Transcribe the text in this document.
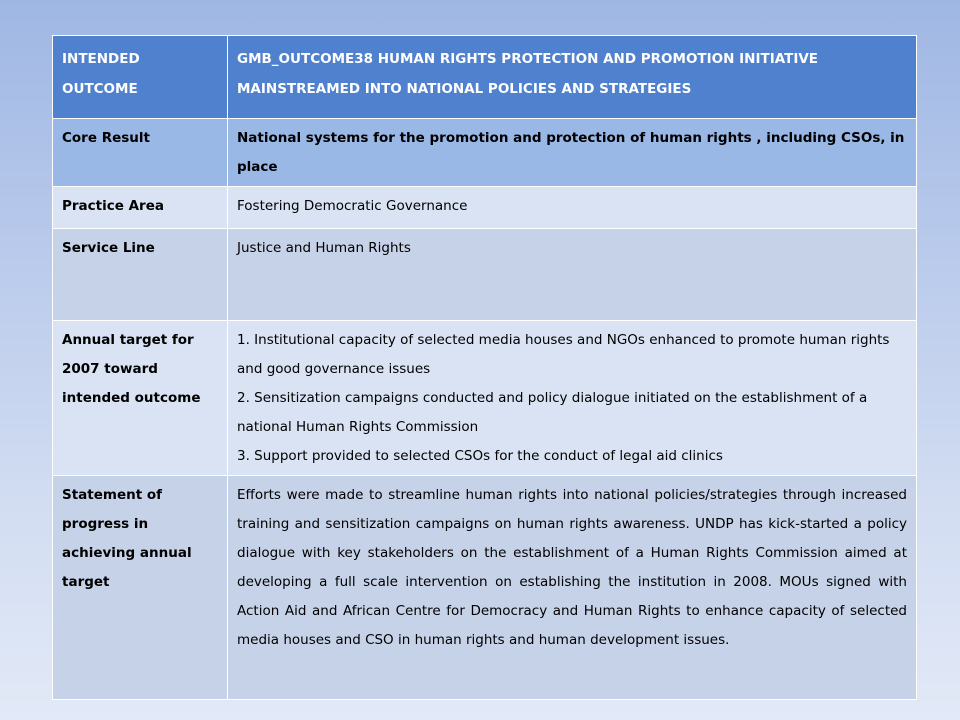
INTENDED OUTCOME	GMB_OUTCOME38 HUMAN RIGHTS PROTECTION AND PROMOTION INITIATIVE MAINSTREAMED INTO NATIONAL POLICIES AND STRATEGIES
Core Result	National systems for the promotion and protection of human rights , including CSOs, in place
Practice Area	Fostering Democratic Governance
Service Line	Justice and Human Rights
Annual target for 2007 toward intended outcome	1. Institutional capacity of selected media houses and NGOs enhanced to promote human rights and good governance issues
2. Sensitization campaigns conducted and policy dialogue initiated on the establishment of a national Human Rights Commission
3. Support provided to selected CSOs for the conduct of legal aid clinics

Statement of progress in achieving annual target	Efforts were made to streamline human rights into national policies/strategies through increased training and sensitization campaigns on human rights awareness. UNDP has kick-started a policy dialogue with key stakeholders on the establishment of a Human Rights Commission aimed at developing a full scale intervention on establishing the institution in 2008. MOUs signed with Action Aid and African Centre for Democracy and Human Rights to enhance capacity of selected media houses and CSO in human rights and human development issues.
